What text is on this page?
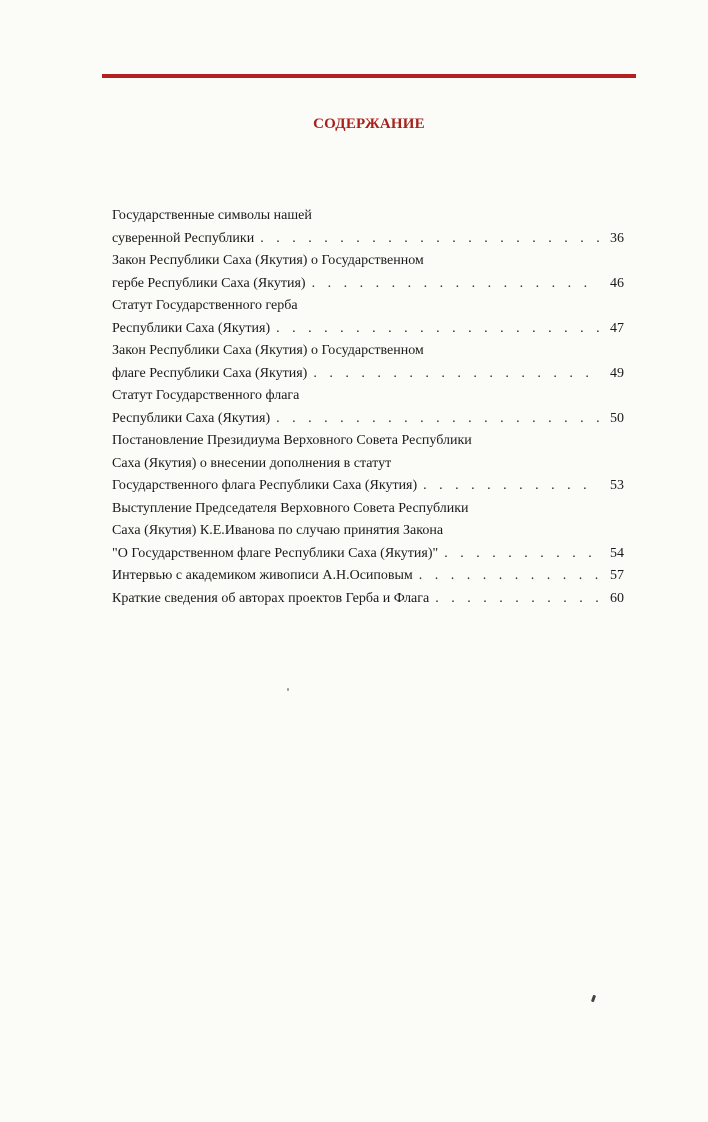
СОДЕРЖАНИЕ
Государственные символы нашей
суверенной Республики . . .	36
Закон Республики Саха (Якутия) о Государственном
гербе Республики Саха (Якутия) . . .	46
Статут Государственного герба
Республики Саха (Якутия) . . .	47
Закон Республики Саха (Якутия) о Государственном
флаге Республики Саха (Якутия) . . .	49
Статут Государственного флага
Республики Саха (Якутия) . . .	50
Постановление Президиума Верховного Совета Республики
Саха (Якутия) о внесении дополнения в статут
Государственного флага Республики Саха (Якутия) . . .	53
Выступление Председателя Верховного Совета Республики
Саха (Якутия) К.Е.Иванова по случаю принятия Закона
"О Государственном флаге Республики Саха (Якутия)" . . .	54
Интервью с академиком живописи А.Н.Осиповым . . .	57
Краткие сведения об авторах проектов Герба и Флага . . .	60
